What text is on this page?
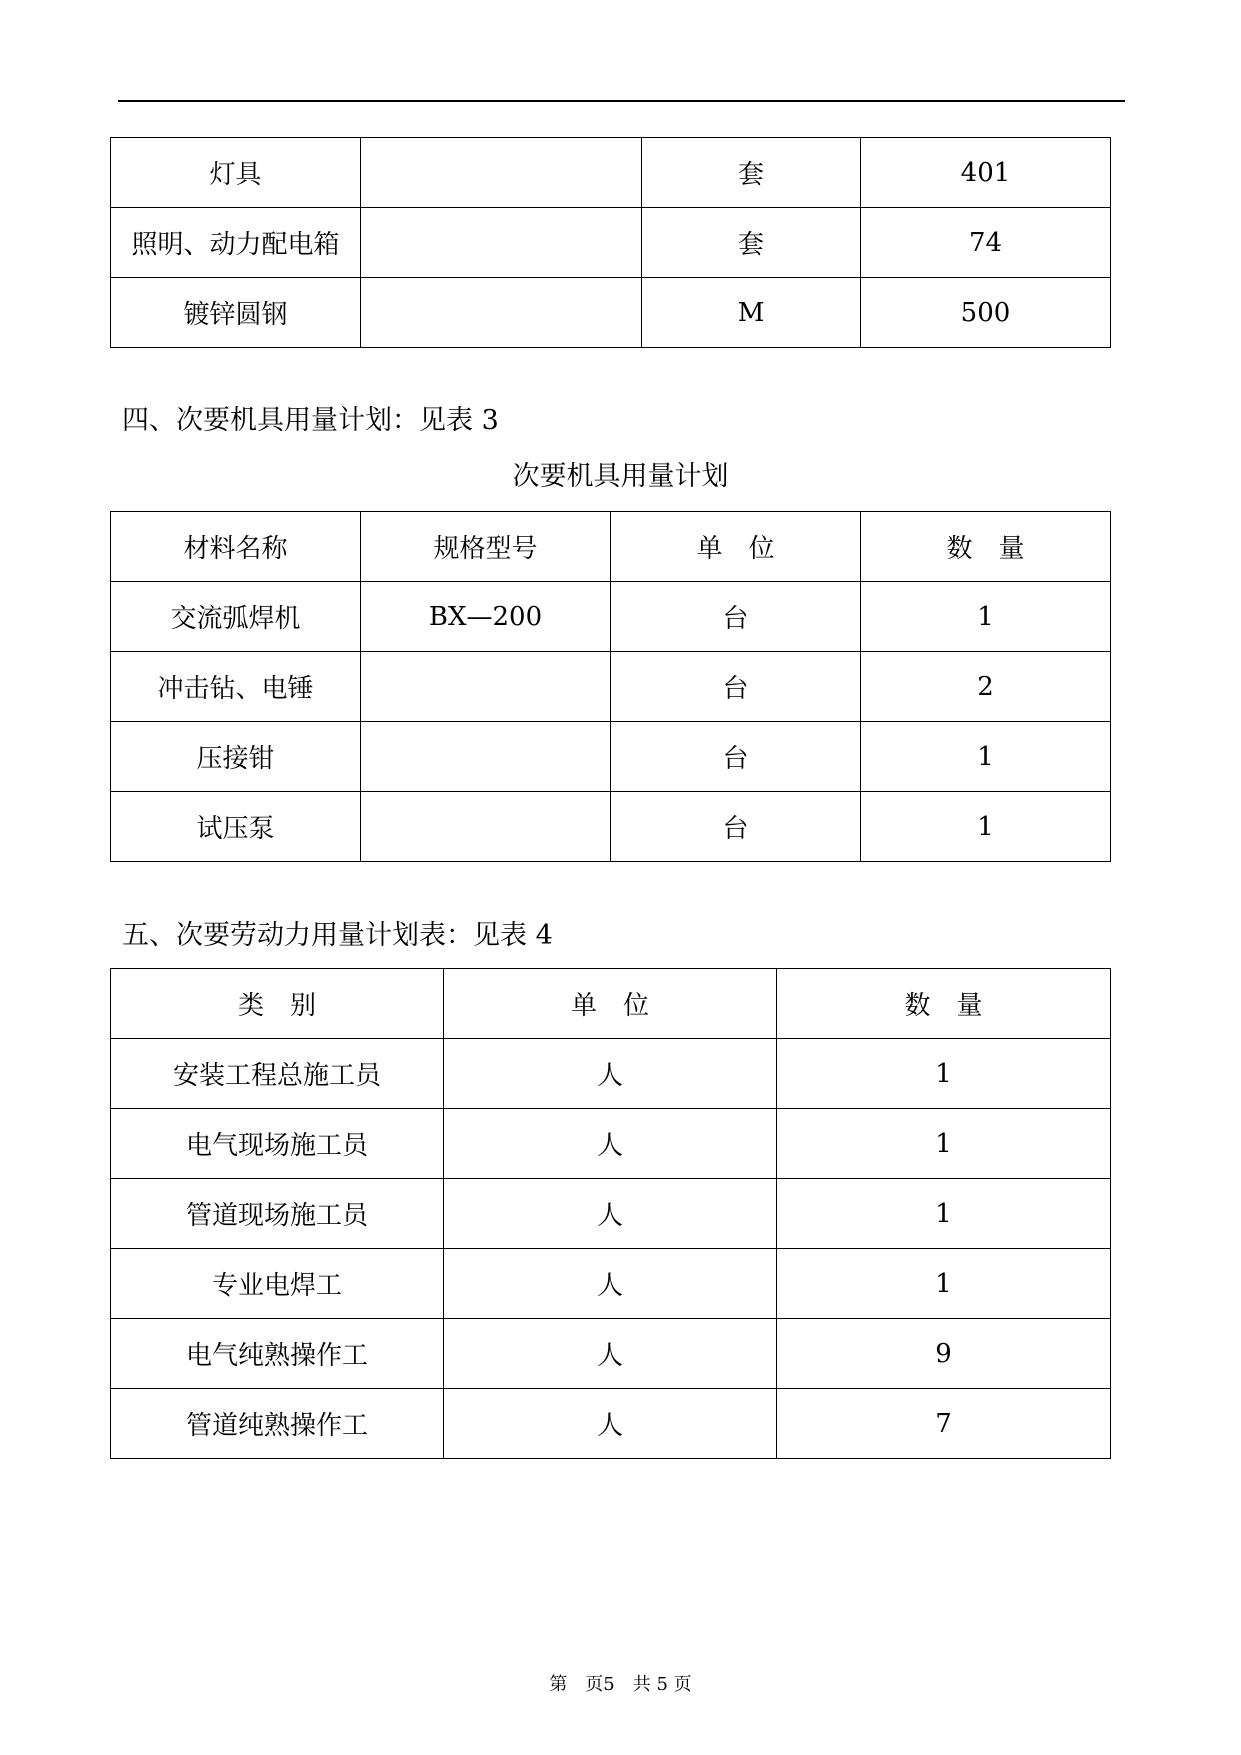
灯具		套	401
照明、动力配电箱		套	74
镀锌圆钢		M	500
四、次要机具用量计划：见表 3
次要机具用量计划
材料名称	规格型号	单　位	数　量
交流弧焊机	BX—200	台	1
冲击钻、电锤		台	2
压接钳		台	1
试压泵		台	1
五、次要劳动力用量计划表：见表 4
类　别	单　位	数　量
安装工程总施工员	人	1
电气现场施工员	人	1
管道现场施工员	人	1
专业电焊工	人	1
电气纯熟操作工	人	9
管道纯熟操作工	人	7
第　页5　共 5 页
